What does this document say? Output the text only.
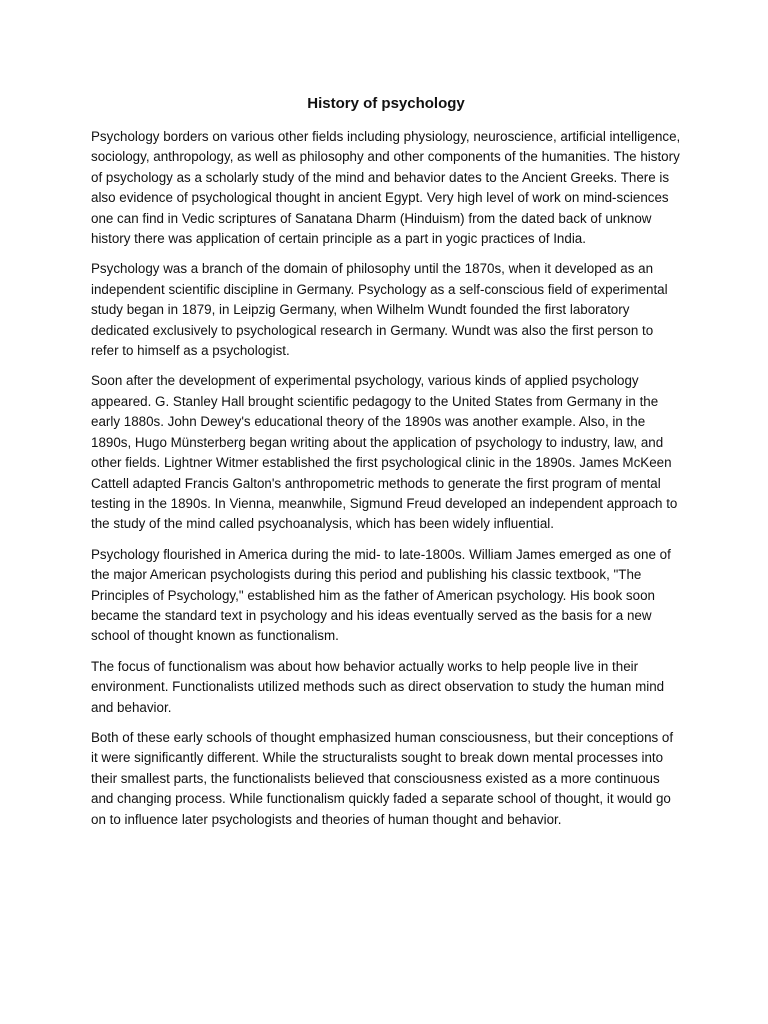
History of psychology

Psychology borders on various other fields including physiology, neuroscience, artificial intelligence, sociology, anthropology, as well as philosophy and other components of the humanities. The history of psychology as a scholarly study of the mind and behavior dates to the Ancient Greeks. There is also evidence of psychological thought in ancient Egypt. Very high level of work on mind-sciences one can find in Vedic scriptures of Sanatana Dharm (Hinduism) from the dated back of unknow history there was application of certain principle as a part in yogic practices of India.

Psychology was a branch of the domain of philosophy until the 1870s, when it developed as an independent scientific discipline in Germany. Psychology as a self-conscious field of experimental study began in 1879, in Leipzig Germany, when Wilhelm Wundt founded the first laboratory dedicated exclusively to psychological research in Germany. Wundt was also the first person to refer to himself as a psychologist.

Soon after the development of experimental psychology, various kinds of applied psychology appeared. G. Stanley Hall brought scientific pedagogy to the United States from Germany in the early 1880s. John Dewey's educational theory of the 1890s was another example. Also, in the 1890s, Hugo Münsterberg began writing about the application of psychology to industry, law, and other fields. Lightner Witmer established the first psychological clinic in the 1890s. James McKeen Cattell adapted Francis Galton's anthropometric methods to generate the first program of mental testing in the 1890s. In Vienna, meanwhile, Sigmund Freud developed an independent approach to the study of the mind called psychoanalysis, which has been widely influential.

Psychology flourished in America during the mid- to late-1800s. William James emerged as one of the major American psychologists during this period and publishing his classic textbook, "The Principles of Psychology," established him as the father of American psychology. His book soon became the standard text in psychology and his ideas eventually served as the basis for a new school of thought known as functionalism.

The focus of functionalism was about how behavior actually works to help people live in their environment. Functionalists utilized methods such as direct observation to study the human mind and behavior.

Both of these early schools of thought emphasized human consciousness, but their conceptions of it were significantly different. While the structuralists sought to break down mental processes into their smallest parts, the functionalists believed that consciousness existed as a more continuous and changing process. While functionalism quickly faded a separate school of thought, it would go on to influence later psychologists and theories of human thought and behavior.
